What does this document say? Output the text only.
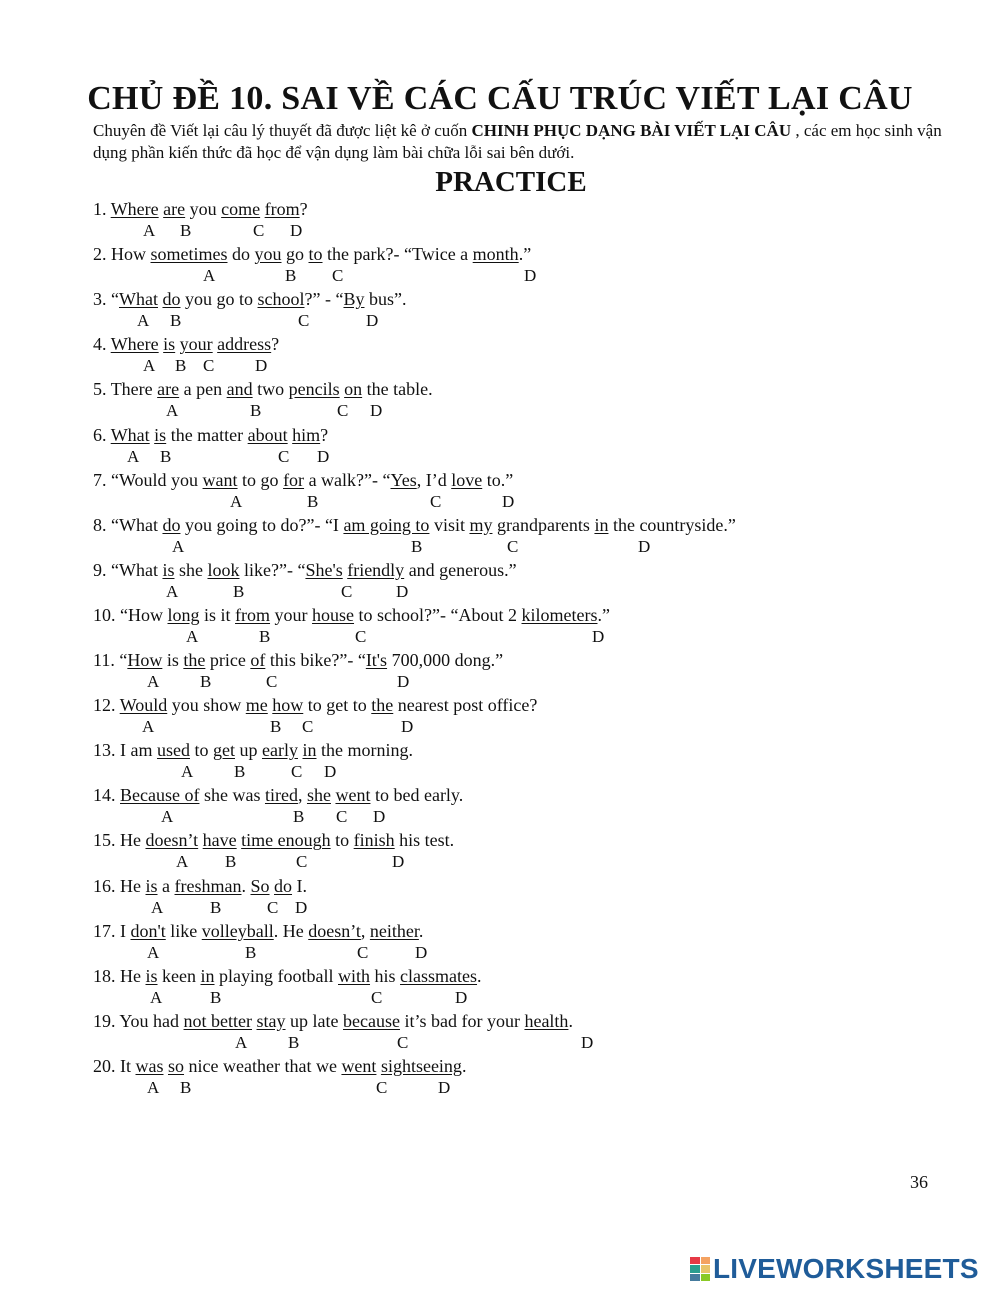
CHỦ ĐỀ 10. SAI VỀ CÁC CẤU TRÚC VIẾT LẠI CÂU
Chuyên đề Viết lại câu lý thuyết đã được liệt kê ở cuốn CHINH PHỤC DẠNG BÀI VIẾT LẠI CÂU , các em học sinh vận dụng phần kiến thức đã học để vận dụng làm bài chữa lỗi sai bên dưới.
PRACTICE
1. Where are you come from?
A B	C D
2. How sometimes do you go to the park?- “Twice a month.”
A	B C	D
3. “What do you go to school?” - “By bus”.
A B	C	D
4. Where is your address?
A B C D
5. There are a pen and two pencils on the table.
A	B	C D
6. What is the matter about him?
A B	C D
7. “Would you want to go for a walk?”- “Yes, I’d love to.”
A	B	C	D
8. “What do you going to do?”- “I am going to visit my grandparents in the countryside.”
A	B	C	D
9. “What is she look like?”- “She's friendly and generous.”
A	B	C	D
10. “How long is it from your house to school?”- “About 2 kilometers.”
A	B	C	D
11. “How is the price of this bike?”- “It's 700,000 dong.”
A B	C	D
12. Would you show me how to get to the nearest post office?
A	B C	D
13. I am used to get up early in the morning.
A B	C D
14. Because of she was tired, she went to bed early.
A	B C D
15. He doesn’t have time enough to finish his test.
A B	C	D
16. He is a freshman. So do I.
A	B	C D
17. I don't like volleyball. He doesn’t, neither.
A	B	C	D
18. He is keen in playing football with his classmates.
A	B	C	D
19. You had not better stay up late because it’s bad for your health.
A B	C	D
20. It was so nice weather that we went sightseeing.
A B	C	D
36
LIVEWORKSHEETS
